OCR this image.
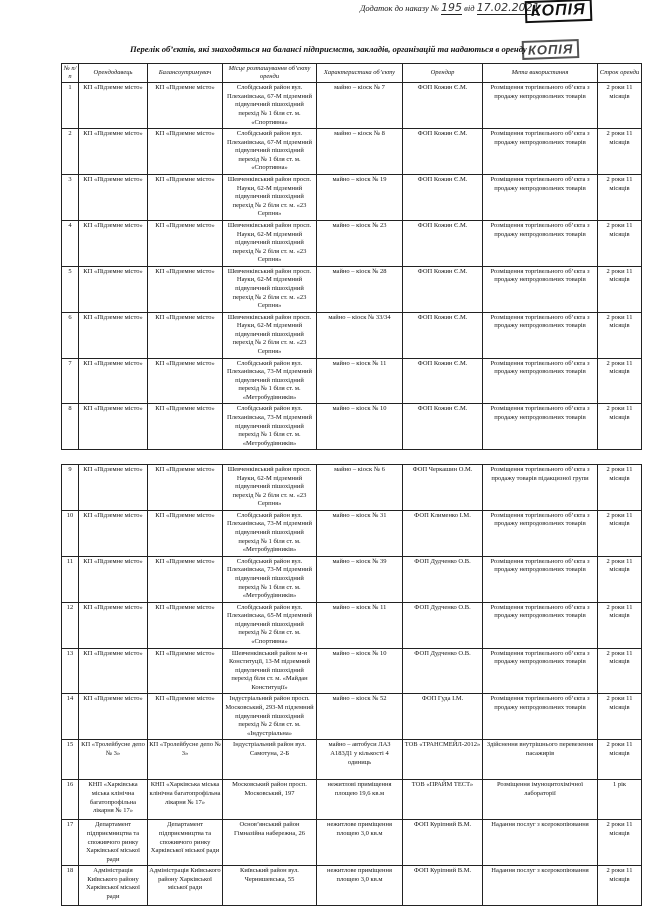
Додаток до наказу № 195 від 17.02.2021
КОПІЯ
КОПІЯ
Перелік об’єктів, які знаходяться на балансі підприємств, закладів, організацій та надаються в оренду
№ п/п	Орендодавець	Балансоутримувач	Місце розташування об’єкту оренди	Характеристика об’єкту	Орендар	Мета використання	Строк оренди
1	КП «Підземне місто»	КП «Підземне місто»	Слобідський район вул. Плеханівська, 67-М підземний підвуличний пішохідний перехід № 1 біля ст. м. «Спортивна»	майно – кіоск № 7	ФОП Кожин Є.М.	Розміщення торгівельного об’єкта з продажу непродовольчих товарів	2 роки 11 місяців
2	КП «Підземне місто»	КП «Підземне місто»	Слобідський район вул. Плеханівська, 67-М підземний підвуличний пішохідний перехід № 1 біля ст. м. «Спортивна»	майно – кіоск № 8	ФОП Кожин Є.М.	Розміщення торгівельного об’єкта з продажу непродовольчих товарів	2 роки 11 місяців
3	КП «Підземне місто»	КП «Підземне місто»	Шевченківський район просп. Науки, 62-М підземний підвуличний пішохідний перехід № 2 біля ст. м. «23 Серпня»	майно – кіоск № 19	ФОП Кожин Є.М.	Розміщення торгівельного об’єкта з продажу непродовольчих товарів	2 роки 11 місяців
4	КП «Підземне місто»	КП «Підземне місто»	Шевченківський район просп. Науки, 62-М підземний підвуличний пішохідний перехід № 2 біля ст. м. «23 Серпня»	майно – кіоск № 23	ФОП Кожин Є.М.	Розміщення торгівельного об’єкта з продажу непродовольчих товарів	2 роки 11 місяців
5	КП «Підземне місто»	КП «Підземне місто»	Шевченківський район просп. Науки, 62-М підземний підвуличний пішохідний перехід № 2 біля ст. м. «23 Серпня»	майно – кіоск № 28	ФОП Кожин Є.М.	Розміщення торгівельного об’єкта з продажу непродовольчих товарів	2 роки 11 місяців
6	КП «Підземне місто»	КП «Підземне місто»	Шевченківський район просп. Науки, 62-М підземний підвуличний пішохідний перехід № 2 біля ст. м. «23 Серпня»	майно – кіоск № 33/34	ФОП Кожин Є.М.	Розміщення торгівельного об’єкта з продажу непродовольчих товарів	2 роки 11 місяців
7	КП «Підземне місто»	КП «Підземне місто»	Слобідський район вул. Плеханівська, 73-М підземний підвуличний пішохідний перехід № 1 біля ст. м. «Метробудівників»	майно – кіоск № 11	ФОП Кожин Є.М.	Розміщення торгівельного об’єкта з продажу непродовольчих товарів	2 роки 11 місяців
8	КП «Підземне місто»	КП «Підземне місто»	Слобідський район вул. Плеханівська, 73-М підземний підвуличний пішохідний перехід № 1 біля ст. м. «Метробудівників»	майно – кіоск № 10	ФОП Кожин Є.М.	Розміщення торгівельного об’єкта з продажу непродовольчих товарів	2 роки 11 місяців
9	КП «Підземне місто»	КП «Підземне місто»	Шевченківський район просп. Науки, 62-М підземний підвуличний пішохідний перехід № 2 біля ст. м. «23 Серпня»	майно – кіоск № 6	ФОП Черкашин О.М.	Розміщення торгівельного об’єкта з продажу товарів підакцизної групи	2 роки 11 місяців
10	КП «Підземне місто»	КП «Підземне місто»	Слобідський район вул. Плеханівська, 73-М підземний підвуличний пішохідний перехід № 1 біля ст. м. «Метробудівників»	майно – кіоск № 31	ФОП Клименко І.М.	Розміщення торгівельного об’єкта з продажу непродовольчих товарів	2 роки 11 місяців
11	КП «Підземне місто»	КП «Підземне місто»	Слобідський район вул. Плеханівська, 73-М підземний підвуличний пішохідний перехід № 1 біля ст. м. «Метробудівників»	майно – кіоск № 39	ФОП Дудченко О.В.	Розміщення торгівельного об’єкта з продажу непродовольчих товарів	2 роки 11 місяців
12	КП «Підземне місто»	КП «Підземне місто»	Слобідський район вул. Плеханівська, 65-М підземний підвуличний пішохідний перехід № 2 біля ст. м. «Спортивна»	майно – кіоск № 11	ФОП Дудченко О.В.	Розміщення торгівельного об’єкта з продажу непродовольчих товарів	2 роки 11 місяців
13	КП «Підземне місто»	КП «Підземне місто»	Шевченківський район м-н Конституції, 13-М підземний підвуличний пішохідний перехід біля ст. м. «Майдан Конституції»	майно – кіоск № 10	ФОП Дудченко О.В.	Розміщення торгівельного об’єкта з продажу непродовольчих товарів	2 роки 11 місяців
14	КП «Підземне місто»	КП «Підземне місто»	Індустріальний район просп. Московський, 293-М підземний підвуличний пішохідний перехід № 2 біля ст. м. «Індустріальна»	майно – кіоск № 52	ФОП Гуда І.М.	Розміщення торгівельного об’єкта з продажу непродовольчих товарів	2 роки 11 місяців
15	КП «Тролейбусне депо № 3»	КП «Тролейбусне депо № 3»	Індустріальний район вул. Самотуна, 2-Б	майно – автобуси ЛАЗ А183Д1 у кількості 4 одиниць	ТОВ «ТРАНСМЕЙЛ-2012»	Здійснення внутрішнього перевезення пасажирів	2 роки 11 місяців
16	КНП «Харківська міська клінічна багатопрофільна лікарня № 17»	КНП «Харківська міська клінічна багатопрофільна лікарня № 17»	Московський район просп. Московський, 197	нежитлові приміщення площею 19,6 кв.м	ТОВ «ПРАЙМ ТЕСТ»	Розміщення імуноцитохімічної лабораторії	1 рік
17	Департамент підприємництва та споживчого ринку Харківської міської ради	Департамент підприємництва та споживчого ринку Харківської міської ради	Основ’янський район Гімназійна набережна, 26	нежитлове приміщення площею 3,0 кв.м	ФОП Куріпний В.М.	Надання послуг з ксерокопіювання	2 роки 11 місяців
18	Адміністрація Київського району Харківської міської ради	Адміністрація Київського району Харківської міської ради	Київський район вул. Чернишевська, 55	нежитлове приміщення площею 3,0 кв.м	ФОП Куріпний В.М.	Надання послуг з ксерокопіювання	2 роки 11 місяців
